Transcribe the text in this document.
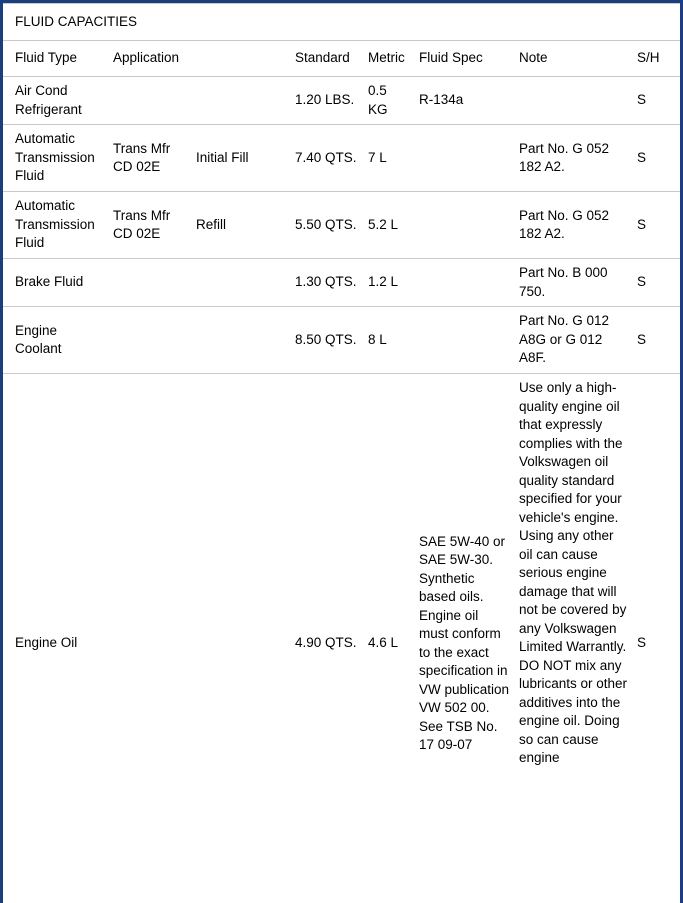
FLUID CAPACITIES							

Fluid Type	Application		Standard	Metric	Fluid Spec	Note	S/H

Air Cond Refrigerant			1.20 LBS.	0.5 KG	R-134a		S

Automatic Transmission Fluid	Trans Mfr CD 02E	Initial Fill	7.40 QTS.	7 L		Part No. G 052 182 A2.	S

Automatic Transmission Fluid	Trans Mfr CD 02E	Refill	5.50 QTS.	5.2 L		Part No. G 052 182 A2.	S

Brake Fluid			1.30 QTS.	1.2 L		Part No. B 000 750.	S

Engine Coolant			8.50 QTS.	8 L		Part No. G 012 A8G or G 012 A8F.	S

Engine Oil			4.90 QTS.	4.6 L	SAE 5W-40 or SAE 5W-30. Synthetic based oils. Engine oil must conform to the exact specification in VW publication VW 502 00. See TSB No. 17 09-07	Use only a high-quality engine oil that expressly complies with the Volkswagen oil quality standard specified for your vehicle's engine. Using any other oil can cause serious engine damage that will not be covered by any Volkswagen Limited Warrantly. DO NOT mix any lubricants or other additives into the engine oil. Doing so can cause engine	S
